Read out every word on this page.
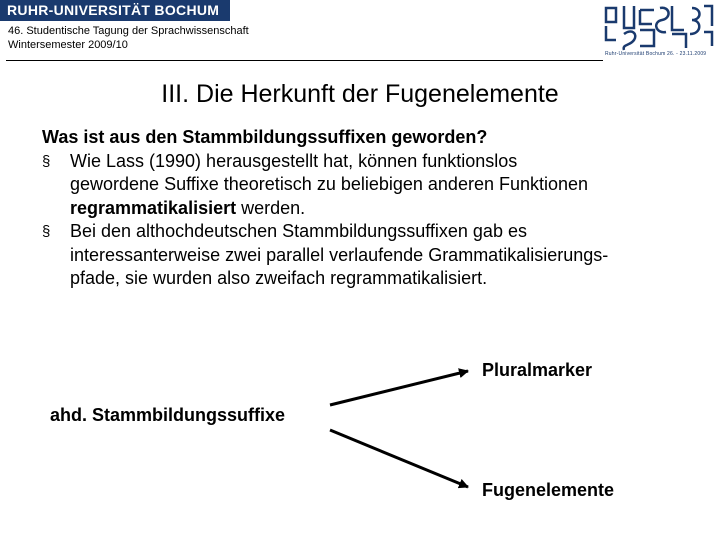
RUHR-UNIVERSITÄT BOCHUM
46. Studentische Tagung der Sprachwissenschaft
Wintersemester 2009/10
Ruhr-Universität Bochum 26. - 23.11.2009
III. Die Herkunft der Fugenelemente
Was ist aus den Stammbildungssuffixen geworden?
§ Wie Lass (1990) herausgestellt hat, können funktionslos
gewordene Suffixe theoretisch zu beliebigen anderen Funktionen
regrammatikalisiert werden.
§ Bei den althochdeutschen Stammbildungssuffixen gab es
interessanterweise zwei parallel verlaufende Grammatikalisierungs-
pfade, sie wurden also zweifach regrammatikalisiert.
Pluralmarker
ahd. Stammbildungssuffixe
Fugenelemente
